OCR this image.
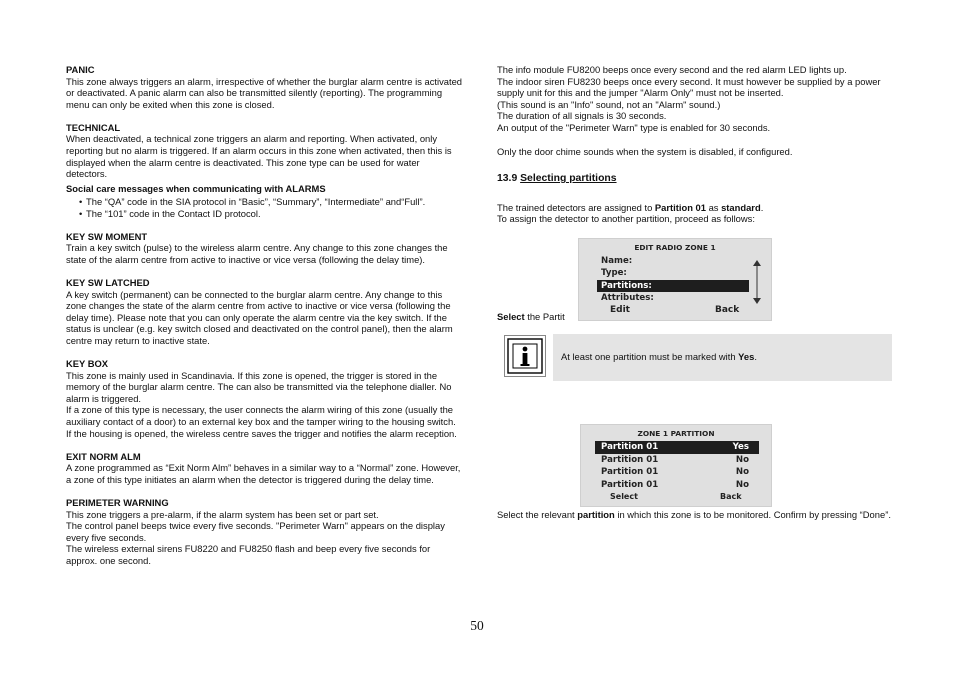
PANIC

This zone always triggers an alarm, irrespective of whether the burglar alarm centre is activated or deactivated. A panic alarm can also be transmitted silently (reporting). The programming menu can only be exited when this zone is closed.

TECHNICAL

When deactivated, a technical zone triggers an alarm and reporting. When activated, only reporting but no alarm is triggered. If an alarm occurs in this zone when activated, then this is displayed when the alarm centre is deactivated. This zone type can be used for water detectors.

Social care messages when communicating with ALARMS

• The “QA” code in the SIA protocol in “Basic”, “Summary”, “Intermediate” and“Full”.

• The “101” code in the Contact ID protocol.

KEY SW MOMENT

Train a key switch (pulse) to the wireless alarm centre. Any change to this zone changes the state of the alarm centre from active to inactive or vice versa (following the delay time).

KEY SW LATCHED

A key switch (permanent) can be connected to the burglar alarm centre. Any change to this zone changes the state of the alarm centre from active to inactive or vice versa (following the delay time). Please note that you can only operate the alarm centre via the key switch. If the status is unclear (e.g. key switch closed and deactivated on the control panel), then the alarm centre may return to inactive state.

KEY BOX

This zone is mainly used in Scandinavia. If this zone is opened, the trigger is stored in the memory of the burglar alarm centre. The can also be transmitted via the telephone dialler. No alarm is triggered.

If a zone of this type is necessary, the user connects the alarm wiring of this zone (usually the auxiliary contact of a door) to an external key box and the tamper wiring to the housing switch. If the housing is opened, the wireless centre saves the trigger and notifies the alarm reception.

EXIT NORM ALM

A zone programmed as “Exit Norm Alm” behaves in a similar way to a “Normal” zone. However, a zone of this type initiates an alarm when the detector is triggered during the delay time.

PERIMETER WARNING

This zone triggers a pre-alarm, if the alarm system has been set or part set.

The control panel beeps twice every five seconds. "Perimeter Warn" appears on the display every five seconds.

The wireless external sirens FU8220 and FU8250 flash and beep every five seconds for approx. one second.

The info module FU8200 beeps once every second and the red alarm LED lights up.

The indoor siren FU8230 beeps once every second. It must however be supplied by a power supply unit for this and the jumper "Alarm Only" must not be inserted.

(This sound is an "Info" sound, not an "Alarm" sound.)

The duration of all signals is 30 seconds.

An output of the "Perimeter Warn" type is enabled for 30 seconds.

Only the door chime sounds when the system is disabled, if configured.

13.9 Selecting partitions

The trained detectors are assigned to Partition 01 as standard.

To assign the detector to another partition, proceed as follows:

Select the Partit
EDIT RADIO ZONE 1
Name:
Type:
Partitions:
Attributes:
Edit	Back
At least one partition must be marked with Yes.
ZONE 1 PARTITION
Partition 01	Yes
Partition 01	No
Partition 01	No
Partition 01	No
Select	Back
Select the relevant partition in which this zone is to be monitored. Confirm by pressing “Done”.
50
